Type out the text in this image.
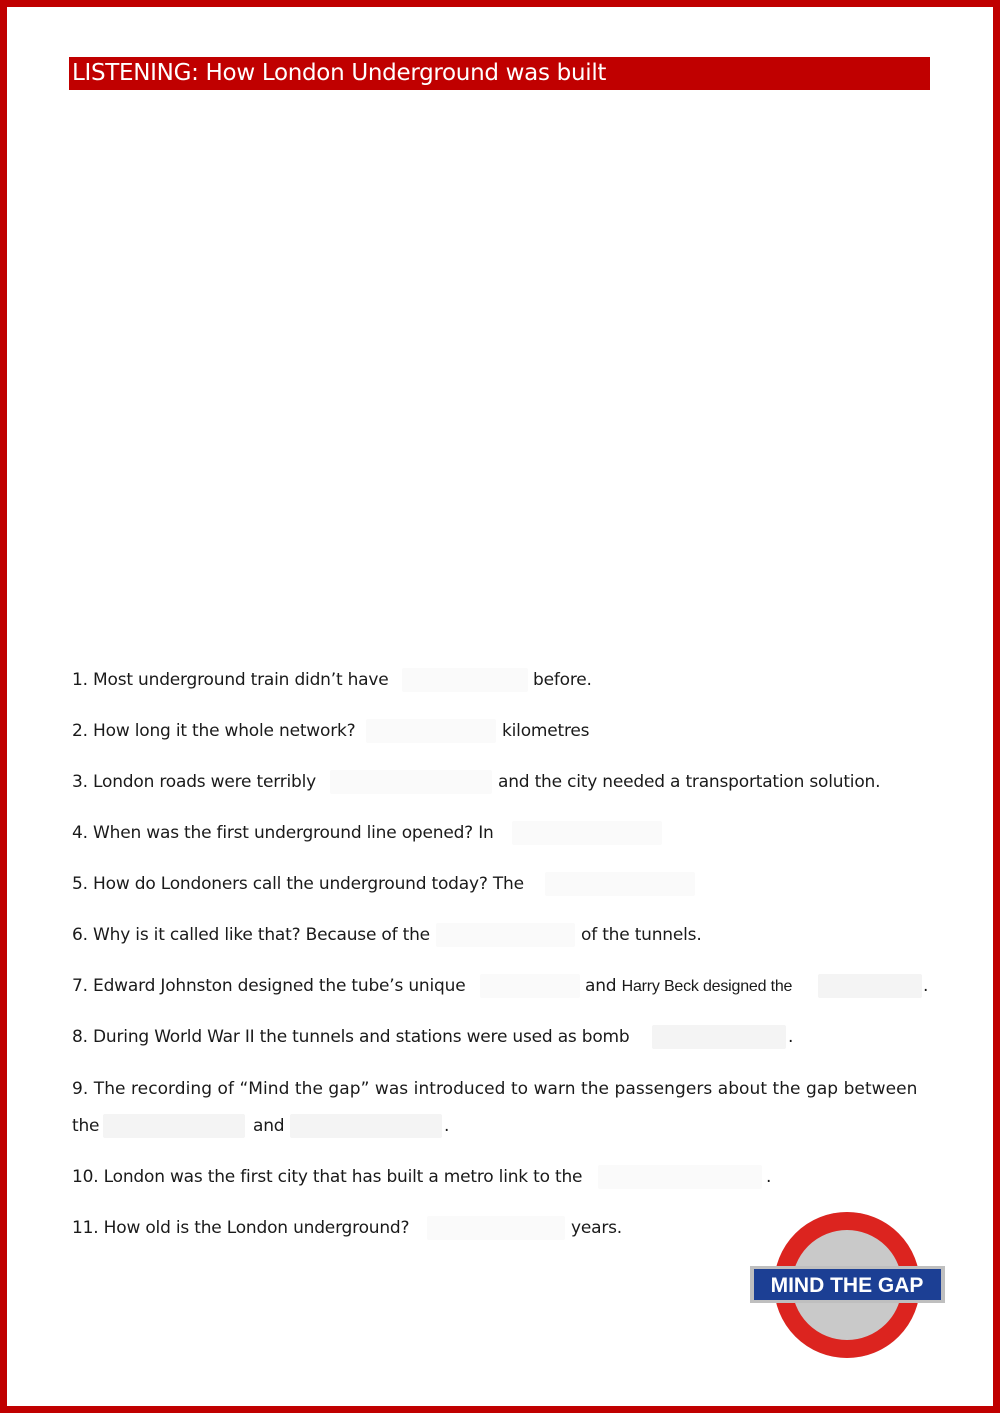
LISTENING: How London Underground was built
1. Most underground train didn’t have	before.
2. How long it the whole network?	kilometres
3. London roads were terribly	and the city needed a transportation solution.
4. When was the first underground line opened? In
5. How do Londoners call the underground today? The
6. Why is it called like that? Because of the	of the tunnels.
7. Edward Johnston designed the tube’s unique	and Harry Beck designed the	.
8. During World War II the tunnels and stations were used as bomb	.
9. The recording of “Mind the gap” was introduced to warn the passengers about the gap between
the	and	.
10. London was the first city that has built a metro link to the	.
11. How old is the London underground?	years.
MIND THE GAP
